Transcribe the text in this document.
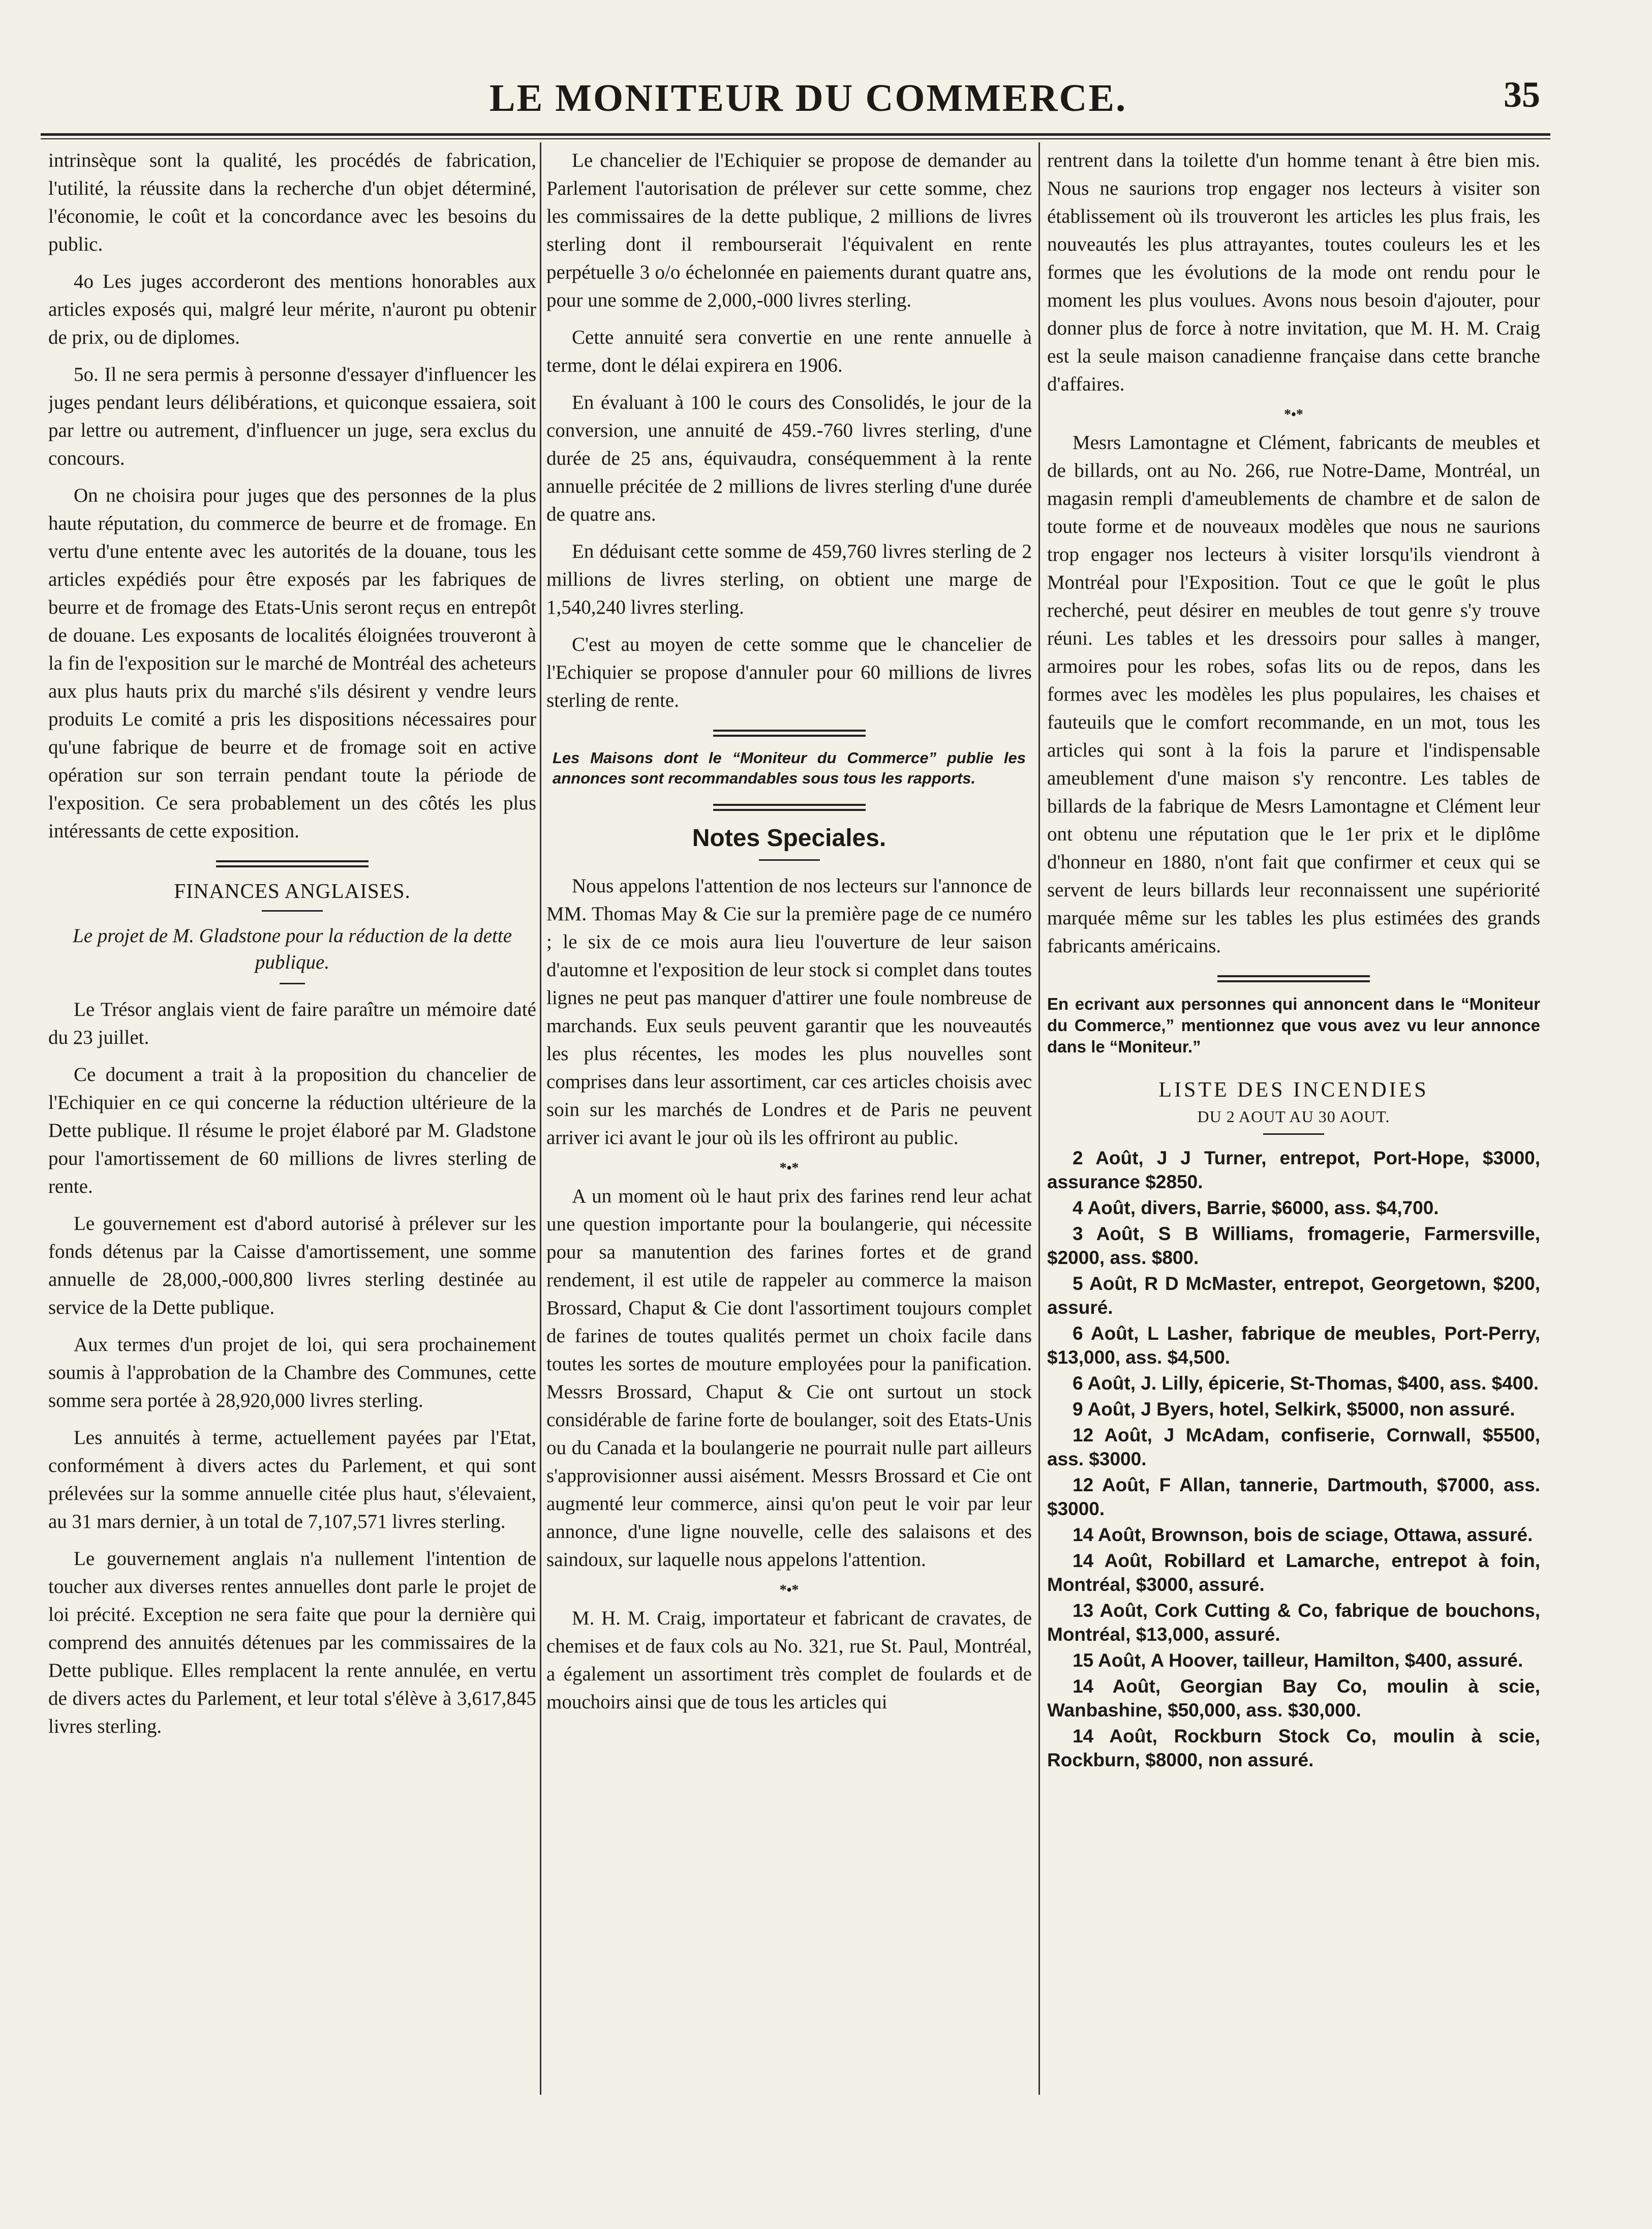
LE MONITEUR DU COMMERCE.	35

intrinsèque sont la qualité, les procédés de fabrication, l'utilité, la réussite dans la recherche d'un objet déterminé, l'économie, le coût et la concordance avec les besoins du public.

4o Les juges accorderont des mentions honorables aux articles exposés qui, malgré leur mérite, n'auront pu obtenir de prix, ou de diplomes.

5o. Il ne sera permis à personne d'essayer d'influencer les juges pendant leurs délibérations, et quiconque essaiera, soit par lettre ou autrement, d'influencer un juge, sera exclus du concours.

On ne choisira pour juges que des personnes de la plus haute réputation, du commerce de beurre et de fromage. En vertu d'une entente avec les autorités de la douane, tous les articles expédiés pour être exposés par les fabriques de beurre et de fromage des Etats-Unis seront reçus en entrepôt de douane. Les exposants de localités éloignées trouveront à la fin de l'exposition sur le marché de Montréal des acheteurs aux plus hauts prix du marché s'ils désirent y vendre leurs produits Le comité a pris les dispositions nécessaires pour qu'une fabrique de beurre et de fromage soit en active opération sur son terrain pendant toute la période de l'exposition. Ce sera probablement un des côtés les plus intéressants de cette exposition.

FINANCES ANGLAISES.
Le projet de M. Gladstone pour la réduction de la dette publique.

Le Trésor anglais vient de faire paraître un mémoire daté du 23 juillet.

Ce document a trait à la proposition du chancelier de l'Echiquier en ce qui concerne la réduction ultérieure de la Dette publique. Il résume le projet élaboré par M. Gladstone pour l'amortissement de 60 millions de livres sterling de rente.

Le gouvernement est d'abord autorisé à prélever sur les fonds détenus par la Caisse d'amortissement, une somme annuelle de 28,000,-000,800 livres sterling destinée au service de la Dette publique.

Aux termes d'un projet de loi, qui sera prochainement soumis à l'approbation de la Chambre des Communes, cette somme sera portée à 28,920,000 livres sterling.

Les annuités à terme, actuellement payées par l'Etat, conformément à divers actes du Parlement, et qui sont prélevées sur la somme annuelle citée plus haut, s'élevaient, au 31 mars dernier, à un total de 7,107,571 livres sterling.

Le gouvernement anglais n'a nullement l'intention de toucher aux diverses rentes annuelles dont parle le projet de loi précité. Exception ne sera faite que pour la dernière qui comprend des annuités détenues par les commissaires de la Dette publique. Elles remplacent la rente annulée, en vertu de divers actes du Parlement, et leur total s'élève à 3,617,845 livres sterling.

Le chancelier de l'Echiquier se propose de demander au Parlement l'autorisation de prélever sur cette somme, chez les commissaires de la dette publique, 2 millions de livres sterling dont il rembourserait l'équivalent en rente perpétuelle 3 o/o échelonnée en paiements durant quatre ans, pour une somme de 2,000,-000 livres sterling.

Cette annuité sera convertie en une rente annuelle à terme, dont le délai expirera en 1906.

En évaluant à 100 le cours des Consolidés, le jour de la conversion, une annuité de 459.-760 livres sterling, d'une durée de 25 ans, équivaudra, conséquemment à la rente annuelle précitée de 2 millions de livres sterling d'une durée de quatre ans.

En déduisant cette somme de 459,760 livres sterling de 2 millions de livres sterling, on obtient une marge de 1,540,240 livres sterling.

C'est au moyen de cette somme que le chancelier de l'Echiquier se propose d'annuler pour 60 millions de livres sterling de rente.

Les Maisons dont le “Moniteur du Commerce” publie les annonces sont recommandables sous tous les rapports.
Notes Speciales.

Nous appelons l'attention de nos lecteurs sur l'annonce de MM. Thomas May & Cie sur la première page de ce numéro ; le six de ce mois aura lieu l'ouverture de leur saison d'automne et l'exposition de leur stock si complet dans toutes lignes ne peut pas manquer d'attirer une foule nombreuse de marchands. Eux seuls peuvent garantir que les nouveautés les plus récentes, les modes les plus nouvelles sont comprises dans leur assortiment, car ces articles choisis avec soin sur les marchés de Londres et de Paris ne peuvent arriver ici avant le jour où ils les offriront au public.

*•*

A un moment où le haut prix des farines rend leur achat une question importante pour la boulangerie, qui nécessite pour sa manutention des farines fortes et de grand rendement, il est utile de rappeler au commerce la maison Brossard, Chaput & Cie dont l'assortiment toujours complet de farines de toutes qualités permet un choix facile dans toutes les sortes de mouture employées pour la panification. Messrs Brossard, Chaput & Cie ont surtout un stock considérable de farine forte de boulanger, soit des Etats-Unis ou du Canada et la boulangerie ne pourrait nulle part ailleurs s'approvisionner aussi aisément. Messrs Brossard et Cie ont augmenté leur commerce, ainsi qu'on peut le voir par leur annonce, d'une ligne nouvelle, celle des salaisons et des saindoux, sur laquelle nous appelons l'attention.

*•*

M. H. M. Craig, importateur et fabricant de cravates, de chemises et de faux cols au No. 321, rue St. Paul, Montréal, a également un assortiment très complet de foulards et de mouchoirs ainsi que de tous les articles qui

rentrent dans la toilette d'un homme tenant à être bien mis. Nous ne saurions trop engager nos lecteurs à visiter son établissement où ils trouveront les articles les plus frais, les nouveautés les plus attrayantes, toutes couleurs les et les formes que les évolutions de la mode ont rendu pour le moment les plus voulues. Avons nous besoin d'ajouter, pour donner plus de force à notre invitation, que M. H. M. Craig est la seule maison canadienne française dans cette branche d'affaires.

*•*

Mesrs Lamontagne et Clément, fabricants de meubles et de billards, ont au No. 266, rue Notre-Dame, Montréal, un magasin rempli d'ameublements de chambre et de salon de toute forme et de nouveaux modèles que nous ne saurions trop engager nos lecteurs à visiter lorsqu'ils viendront à Montréal pour l'Exposition. Tout ce que le goût le plus recherché, peut désirer en meubles de tout genre s'y trouve réuni. Les tables et les dressoirs pour salles à manger, armoires pour les robes, sofas lits ou de repos, dans les formes avec les modèles les plus populaires, les chaises et fauteuils que le comfort recommande, en un mot, tous les articles qui sont à la fois la parure et l'indispensable ameublement d'une maison s'y rencontre. Les tables de billards de la fabrique de Mesrs Lamontagne et Clément leur ont obtenu une réputation que le 1er prix et le diplôme d'honneur en 1880, n'ont fait que confirmer et ceux qui se servent de leurs billards leur reconnaissent une supériorité marquée même sur les tables les plus estimées des grands fabricants américains.

En ecrivant aux personnes qui annoncent dans le “Moniteur du Commerce,” mentionnez que vous avez vu leur annonce dans le “Moniteur.”
LISTE DES INCENDIES
DU 2 AOUT AU 30 AOUT.

2 Août, J J Turner, entrepot, Port-Hope, $3000, assurance $2850.

4 Août, divers, Barrie, $6000, ass. $4,700.

3 Août, S B Williams, fromagerie, Farmersville, $2000, ass. $800.

5 Août, R D McMaster, entrepot, Georgetown, $200, assuré.

6 Août, L Lasher, fabrique de meubles, Port-Perry, $13,000, ass. $4,500.

6 Août, J. Lilly, épicerie, St-Thomas, $400, ass. $400.

9 Août, J Byers, hotel, Selkirk, $5000, non assuré.

12 Août, J McAdam, confiserie, Cornwall, $5500, ass. $3000.

12 Août, F Allan, tannerie, Dartmouth, $7000, ass. $3000.

14 Août, Brownson, bois de sciage, Ottawa, assuré.

14 Août, Robillard et Lamarche, entrepot à foin, Montréal, $3000, assuré.

13 Août, Cork Cutting & Co, fabrique de bouchons, Montréal, $13,000, assuré.

15 Août, A Hoover, tailleur, Hamilton, $400, assuré.

14 Août, Georgian Bay Co, moulin à scie, Wanbashine, $50,000, ass. $30,000.

14 Août, Rockburn Stock Co, moulin à scie, Rockburn, $8000, non assuré.
